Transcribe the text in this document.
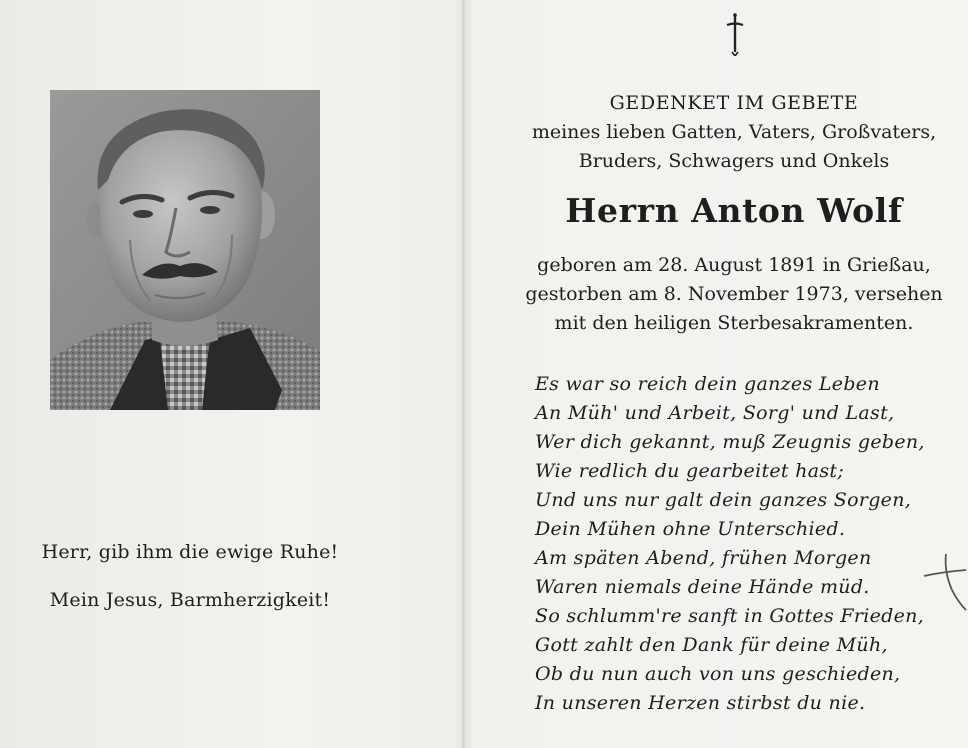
Herr, gib ihm die ewige Ruhe!
Mein Jesus, Barmherzigkeit!
GEDENKET IM GEBETE
meines lieben Gatten, Vaters, Großvaters,
Bruders, Schwagers und Onkels
Herrn Anton Wolf
geboren am 28. August 1891 in Grießau,
gestorben am 8. November 1973, versehen
mit den heiligen Sterbesakramenten.
Es war so reich dein ganzes Leben
An Müh' und Arbeit, Sorg' und Last,
Wer dich gekannt, muß Zeugnis geben,
Wie redlich du gearbeitet hast;
Und uns nur galt dein ganzes Sorgen,
Dein Mühen ohne Unterschied.
Am späten Abend, frühen Morgen
Waren niemals deine Hände müd.
So schlumm're sanft in Gottes Frieden,
Gott zahlt den Dank für deine Müh,
Ob du nun auch von uns geschieden,
In unseren Herzen stirbst du nie.
